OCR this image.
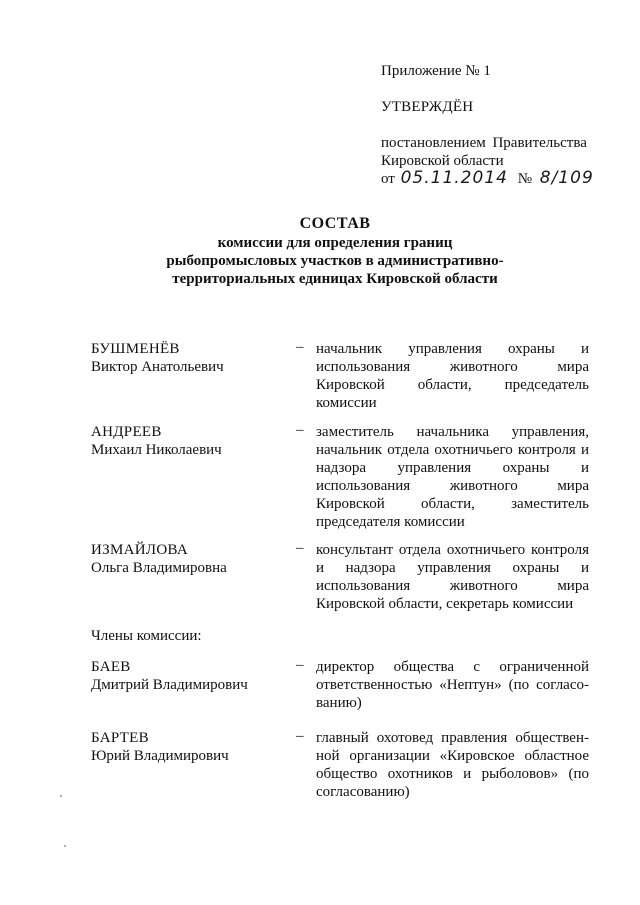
Приложение № 1
УТВЕРЖДЁН
постановлением Правительства
Кировской области
от 05.11.2014 № 8/109
СОСТАВ
комиссии для определения границ
рыбопромысловых участков в административно-
территориальных единицах Кировской области
БУШМЕНЁВ
Виктор Анатольевич
– начальник управления охраны и использования животного мира Кировской области, председатель комиссии
АНДРЕЕВ
Михаил Николаевич
– заместитель начальника управления, начальник отдела охотничьего контроля и надзора управления охраны и использования животного мира Кировской области, заместитель председателя комиссии
ИЗМАЙЛОВА
Ольга Владимировна
– консультант отдела охотничьего контроля и надзора управления охраны и использования животного мира Кировской области, секретарь комиссии
Члены комиссии:
БАЕВ
Дмитрий Владимирович
– директор общества с ограниченной ответственностью «Нептун» (по согласованию)
БАРТЕВ
Юрий Владимирович
– главный охотовед правления общественной организации «Кировское областное общество охотников и рыболовов» (по согласованию)
